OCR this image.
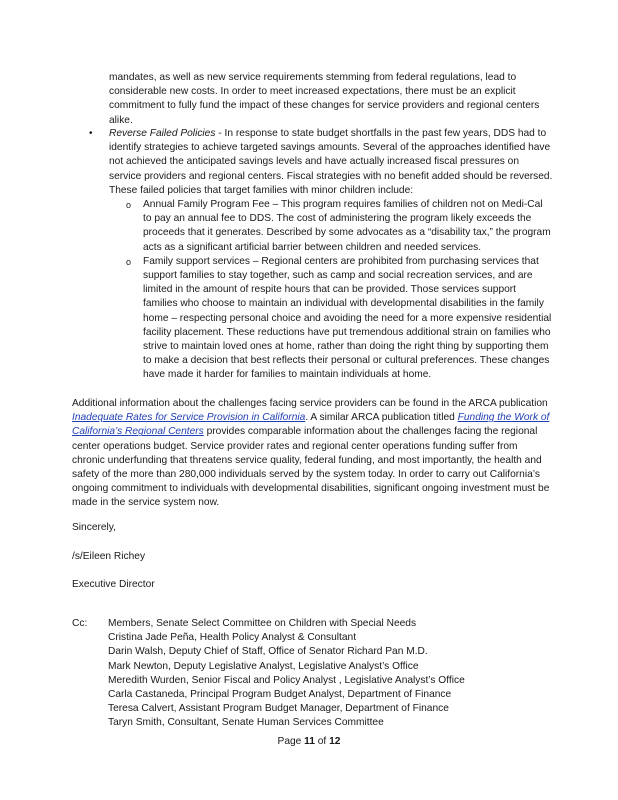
mandates, as well as new service requirements stemming from federal regulations, lead to considerable new costs. In order to meet increased expectations, there must be an explicit commitment to fully fund the impact of these changes for service providers and regional centers alike.

•

Reverse Failed Policies - In response to state budget shortfalls in the past few years, DDS had to identify strategies to achieve targeted savings amounts. Several of the approaches identified have not achieved the anticipated savings levels and have actually increased fiscal pressures on service providers and regional centers. Fiscal strategies with no benefit added should be reversed. These failed policies that target families with minor children include:

o
Annual Family Program Fee – This program requires families of children not on Medi-Cal to pay an annual fee to DDS. The cost of administering the program likely exceeds the proceeds that it generates. Described by some advocates as a “disability tax,” the program acts as a significant artificial barrier between children and needed services.
o
Family support services – Regional centers are prohibited from purchasing services that support families to stay together, such as camp and social recreation services, and are limited in the amount of respite hours that can be provided. Those services support families who choose to maintain an individual with developmental disabilities in the family home – respecting personal choice and avoiding the need for a more expensive residential facility placement. These reductions have put tremendous additional strain on families who strive to maintain loved ones at home, rather than doing the right thing by supporting them to make a decision that best reflects their personal or cultural preferences. These changes have made it harder for families to maintain individuals at home.

Additional information about the challenges facing service providers can be found in the ARCA publication Inadequate Rates for Service Provision in California. A similar ARCA publication titled Funding the Work of California’s Regional Centers provides comparable information about the challenges facing the regional center operations budget. Service provider rates and regional center operations funding suffer from chronic underfunding that threatens service quality, federal funding, and most importantly, the health and safety of the more than 280,000 individuals served by the system today. In order to carry out California’s ongoing commitment to individuals with developmental disabilities, significant ongoing investment must be made in the service system now.

Sincerely,

/s/Eileen Richey

Executive Director

Cc: Members, Senate Select Committee on Children with Special Needs
Cristina Jade Peña, Health Policy Analyst & Consultant
Darin Walsh, Deputy Chief of Staff, Office of Senator Richard Pan M.D.
Mark Newton, Deputy Legislative Analyst, Legislative Analyst’s Office
Meredith Wurden, Senior Fiscal and Policy Analyst , Legislative Analyst’s Office
Carla Castaneda, Principal Program Budget Analyst, Department of Finance
Teresa Calvert, Assistant Program Budget Manager, Department of Finance
Taryn Smith, Consultant, Senate Human Services Committee

Page 11 of 12
